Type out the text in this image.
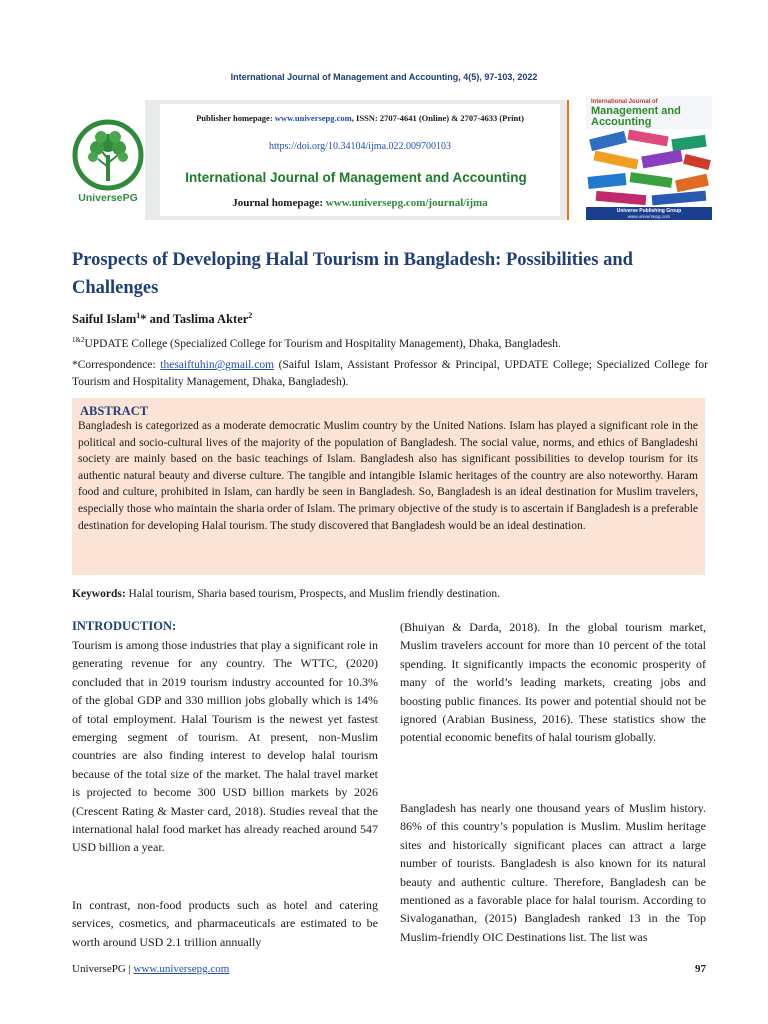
International Journal of Management and Accounting, 4(5), 97-103, 2022
UniversePG
Publisher homepage: www.universepg.com, ISSN: 2707-4641 (Online) & 2707-4633 (Print)
https://doi.org/10.34104/ijma.022.009700103
International Journal of Management and Accounting
Journal homepage: www.universepg.com/journal/ijma
International Journal of
Management and Accounting
Universe Publishing Group
www.universepg.com
Prospects of Developing Halal Tourism in Bangladesh: Possibilities and Challenges
Saiful Islam$^1$* and Taslima Akter$^2$
$^{1\&2}$UPDATE College (Specialized College for Tourism and Hospitality Management), Dhaka, Bangladesh.
*Correspondence: thesaiftuhin@gmail.com (Saiful Islam, Assistant Professor & Principal, UPDATE College; Specialized College for Tourism and Hospitality Management, Dhaka, Bangladesh).
ABSTRACT
Bangladesh is categorized as a moderate democratic Muslim country by the United Nations. Islam has played a significant role in the political and socio-cultural lives of the majority of the population of Bangladesh. The social value, norms, and ethics of Bangladeshi society are mainly based on the basic teachings of Islam. Bangladesh also has significant possibilities to develop tourism for its authentic natural beauty and diverse culture. The tangible and intangible Islamic heritages of the country are also noteworthy. Haram food and culture, prohibited in Islam, can hardly be seen in Bangladesh. So, Bangladesh is an ideal destination for Muslim travelers, especially those who maintain the sharia order of Islam. The primary objective of the study is to ascertain if Bangladesh is a preferable destination for developing Halal tourism. The study discovered that Bangladesh would be an ideal destination.
Keywords: Halal tourism, Sharia based tourism, Prospects, and Muslim friendly destination.
INTRODUCTION:
Tourism is among those industries that play a significant role in generating revenue for any country. The WTTC, (2020) concluded that in 2019 tourism industry accounted for 10.3% of the global GDP and 330 million jobs globally which is 14% of total employment. Halal Tourism is the newest yet fastest emerging segment of tourism. At present, non-Muslim countries are also finding interest to develop halal tourism because of the total size of the market. The halal travel market is projected to become 300 USD billion markets by 2026 (Crescent Rating & Master card, 2018). Studies reveal that the international halal food market has already reached around 547 USD billion a year.
In contrast, non-food products such as hotel and catering services, cosmetics, and pharmaceuticals are estimated to be worth around USD 2.1 trillion annually
(Bhuiyan & Darda, 2018). In the global tourism market, Muslim travelers account for more than 10 percent of the total spending. It significantly impacts the economic prosperity of many of the world’s leading markets, creating jobs and boosting public finances. Its power and potential should not be ignored (Arabian Business, 2016). These statistics show the potential economic benefits of halal tourism globally.
Bangladesh has nearly one thousand years of Muslim history. 86% of this country’s population is Muslim. Muslim heritage sites and historically significant places can attract a large number of tourists. Bangladesh is also known for its natural beauty and authentic culture. Therefore, Bangladesh can be mentioned as a favorable place for halal tourism. According to Sivaloganathan, (2015) Bangladesh ranked 13 in the Top Muslim-friendly OIC Destinations list. The list was
UniversePG | www.universepg.com	97
